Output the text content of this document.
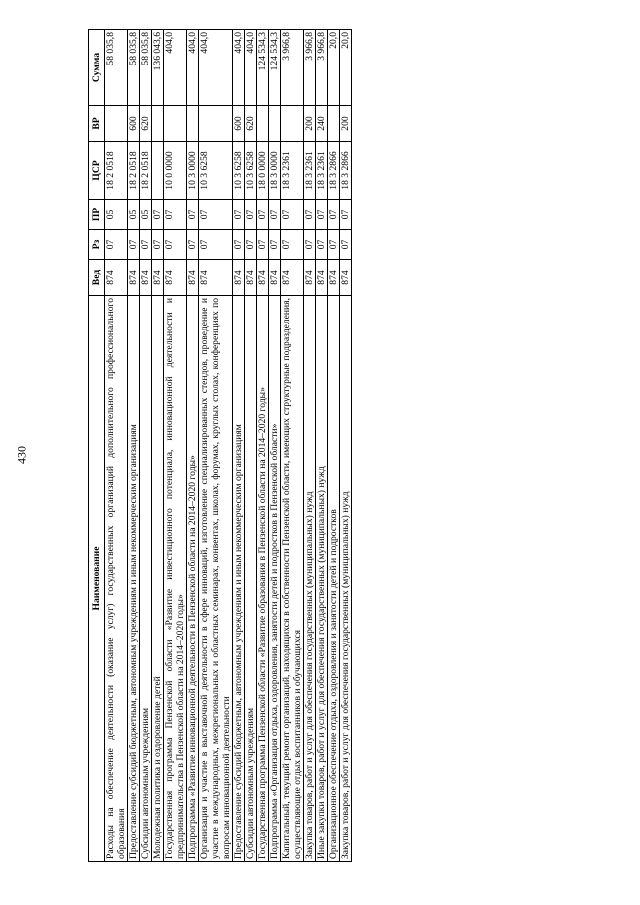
430
Наименование	Вед	Рз	ПР	ЦСР	ВР	Сумма
Расходы на обеспечение деятельности (оказание услуг) государственных организаций дополнительного профессионального образования	874	07	05	18 2 0518		58 035,8
Предоставление субсидий бюджетным, автономным учреждениям и иным некоммерческим организациям	874	07	05	18 2 0518	600	58 035,8
Субсидии автономным учреждениям	874	07	05	18 2 0518	620	58 035,8
Молодежная политика и оздоровление детей	874	07	07			136 043,6
Государственная программа Пензенской области «Развитие инвестиционного потенциала, инновационной деятельности и предпринимательства в Пензенской области на 2014–2020 годы»	874	07	07	10 0 0000		404,0
Подпрограмма «Развитие инновационной деятельности в Пензенской области на 2014–2020 годы»	874	07	07	10 3 0000		404,0
Организация и участие в выставочной деятельности в сфере инноваций, изготовление специализированных стендов, проведение и участие в международных, межрегиональных и областных семинарах, конвентах, школах, форумах, круглых столах, конференциях по вопросам инновационной деятельности	874	07	07	10 3 6258		404,0
Предоставление субсидий бюджетным, автономным учреждениям и иным некоммерческим организациям	874	07	07	10 3 6258	600	404,0
Субсидии автономным учреждениям	874	07	07	10 3 6258	620	404,0
Государственная программа Пензенской области «Развитие образования в Пензенской области на 2014–2020 годы»	874	07	07	18 0 0000		124 534,3
Подпрограмма «Организация отдыха, оздоровления, занятости детей и подростков в Пензенской области»	874	07	07	18 3 0000		124 534,3
Капитальный, текущий ремонт организаций, находящихся в собственности Пензенской области, имеющих структурные подразделения, осуществляющие отдых воспитанников и обучающихся	874	07	07	18 3 2361		3 966,8
Закупка товаров, работ и услуг для обеспечения государственных (муниципальных) нужд	874	07	07	18 3 2361	200	3 966,8
Иные закупки товаров, работ и услуг для обеспечения государственных (муниципальных) нужд	874	07	07	18 3 2361	240	3 966,8
Организационное обеспечение отдыха, оздоровления и занятости детей и подростков	874	07	07	18 3 2866		20,0
Закупка товаров, работ и услуг для обеспечения государственных (муниципальных) нужд	874	07	07	18 3 2866	200	20,0
